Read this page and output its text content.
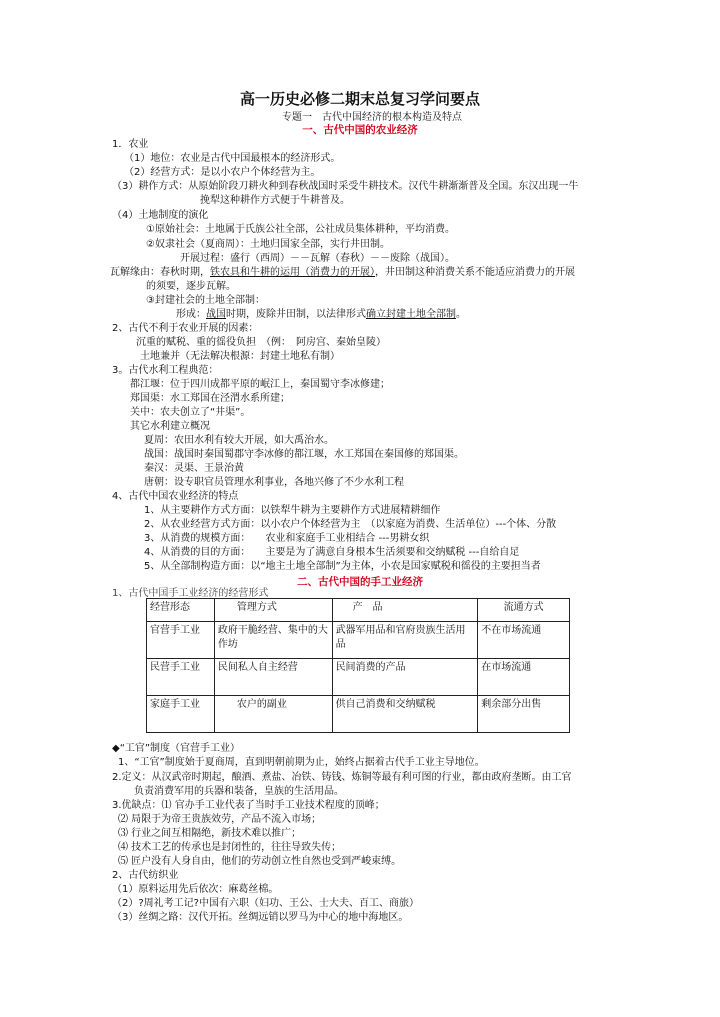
高一历史必修二期末总复习学问要点
专题一　古代中国经济的根本构造及特点
一、古代中国的农业经济
1．农业
（1）地位：农业是古代中国最根本的经济形式。
（2）经营方式：是以小农户个体经营为主。
（3）耕作方式：从原始阶段刀耕火种到春秋战国时采受牛耕技术。汉代牛耕渐渐普及全国。东汉出现一牛
挽犁这种耕作方式便于牛耕普及。
（4）土地制度的演化
①原始社会：土地属于氏族公社全部，公社成员集体耕种，平均消费。
②奴隶社会（夏商周）：土地归国家全部，实行井田制。
开展过程：盛行（西周）－－瓦解（春秋）－－废除（战国）。
瓦解缘由：春秋时期，铁农具和牛耕的运用（消费力的开展），井田制这种消费关系不能适应消费力的开展
的须要，逐步瓦解。
③封建社会的土地全部制：
形成：战国时期，废除井田制，以法律形式确立封建土地全部制。
2、古代不利于农业开展的因素：
沉重的赋税、重的徭役负担　（例：　阿房宫、秦始皇陵）
土地兼并（无法解决根源：封建土地私有制）
3。古代水利工程典范：
都江堰：位于四川成都平原的岷江上，秦国蜀守李冰修建；
郑国渠：水工郑国在泾渭水系所建；
关中：农夫创立了“井渠”。
其它水利建立概况
夏周：农田水利有较大开展，如大禹治水。
战国：战国时秦国蜀郡守李冰修的都江堰，水工郑国在秦国修的郑国渠。
秦汉：灵渠、王景治黄
唐朝：设专职官员管理水利事业，各地兴修了不少水利工程
4、古代中国农业经济的特点
1、从主要耕作方式方面：以铁犁牛耕为主要耕作方式进展精耕细作
2、从农业经营方式方面：以小农户个体经营为主　（以家庭为消费、生活单位）---个体、分散
3、从消费的规模方面：　　农业和家庭手工业相结合 ---男耕女织
4、从消费的目的方面：　　主要是为了满意自身根本生活须要和交纳赋税 ---自给自足
5、从全部制构造方面：以“地主土地全部制”为主体，小农是国家赋税和徭役的主要担当者
二、古代中国的手工业经济
1、古代中国手工业经济的经营形式
经营形态	管理方式	产　品	流通方式
官营手工业	政府干脆经营、集中的大作坊	武器军用品和官府贵族生活用品	不在市场流通
民营手工业	民间私人自主经营	民间消费的产品	在市场流通
家庭手工业	农户的副业	供自己消费和交纳赋税	剩余部分出售
◆“工官”制度（官营手工业）
1、“工官”制度始于夏商周，直到明朝前期为止，始终占据着古代手工业主导地位。
2.定义：从汉武帝时期起，酿酒、煮盐、冶铁、铸钱、炼铜等最有利可图的行业，都由政府垄断。由工官
负责消费军用的兵器和装备，皇族的生活用品。
3.优缺点：⑴ 官办手工业代表了当时手工业技术程度的顶峰；
⑵ 局限于为帝王贵族效劳，产品不流入市场；
⑶ 行业之间互相隔绝，新技术难以推广；
⑷ 技术工艺的传承也是封闭性的，往往导致失传；
⑸ 匠户没有人身自由，他们的劳动创立性自然也受到严峻束缚。
2、古代纺织业
（1）原料运用先后依次：麻葛丝棉。
（2）?周礼考工记?中国有六职（妇功、王公、士大夫、百工、商旅）
（3）丝绸之路：汉代开拓。丝绸远销以罗马为中心的地中海地区。
